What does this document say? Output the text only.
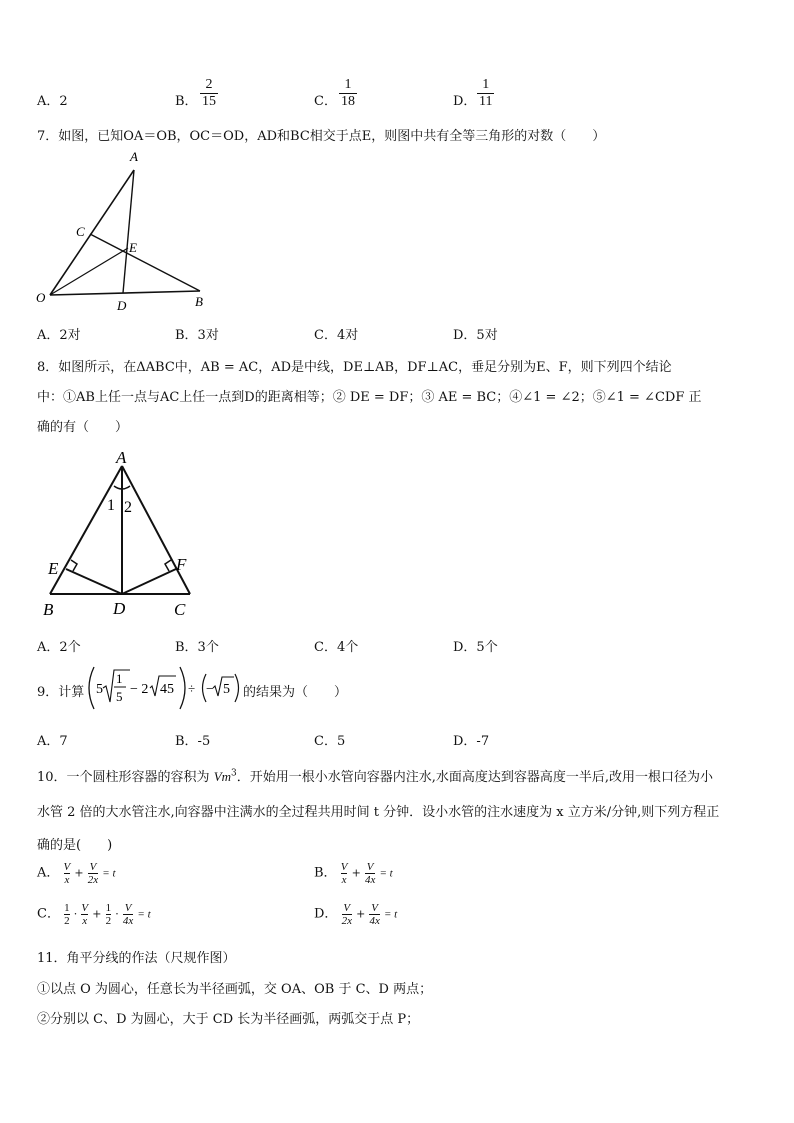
A．2	B． $\frac{2}{15}$	C． $\frac{1}{18}$	D． $\frac{1}{11}$
7．如图，已知OA＝OB，OC＝OD，AD和BC相交于点E，则图中共有全等三角形的对数（　　）
A
C
E
O
D	B
A．2对	B．3对	C．4对	D．5对
8．如图所示，在ΔABC中，AB = AC，AD是中线，DE⊥AB，DF⊥AC，垂足分别为E、F，则下列四个结论
中：①AB上任一点与AC上任一点到D的距离相等；② DE = DF；③ AE = BC；④∠1 = ∠2；⑤∠1 = ∠CDF 正
确的有（　　）
A
1 2
E	F
B	D	C
A．2个	B．3个	C．4个	D．5个
9．计算 5
1
5 − 2 45 ÷ − 5 的结果为（　　）
A．7	B．-5	C．5	D．-7
10．一个圆柱形容器的容积为 Vm$^3$．开始用一根小水管向容器内注水,水面高度达到容器高度一半后,改用一根口径为小
水管 2 倍的大水管注水,向容器中注满水的全过程共用时间 t 分钟．设小水管的注水速度为 x 立方米/分钟,则下列方程正
确的是(　　)
A． $\frac{V}{x} + \frac{V}{2x} = t$	B． $\frac{V}{x} + \frac{V}{4x} = t$
C． $\frac{1}{2} \cdot \frac{V}{x} + \frac{1}{2} \cdot \frac{V}{4x} = t$	D． $\frac{V}{2x} + \frac{V}{4x} = t$
11．角平分线的作法（尺规作图）
①以点 O 为圆心，任意长为半径画弧，交 OA、OB 于 C、D 两点；
②分别以 C、D 为圆心，大于 CD 长为半径画弧，两弧交于点 P；
